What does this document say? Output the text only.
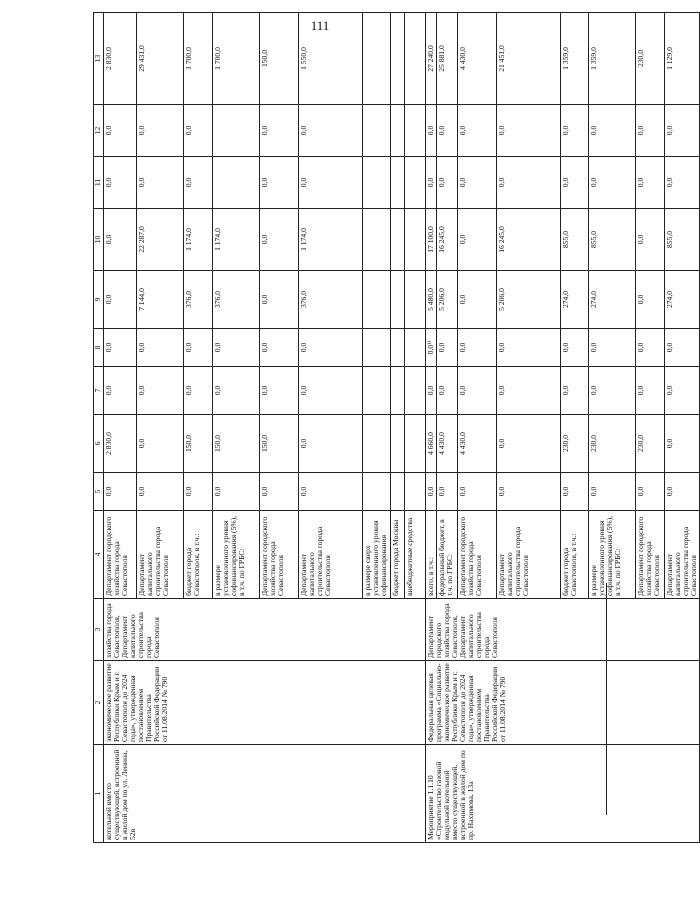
111
1	2	3	4	5	6	7	8	9	10	11	12	13
котельной вместо существующей, встроенной в жилой дом по ул. Ленина, 52в	экономическое развитие Республики Крым и г. Севастополя до 2024 года», утвержденная постановлением Правительства Российской Федерации от 11.08.2014 № 790	хозяйства города Севастополя, Департамент капитального строительства города Севастополя	Департамент городского хозяйства города Севастополя	0,0	2 830,0	0,0	0,0	0,0	0,0	0,0	0,0	2 830,0
			Департамент капитального строительства города Севастополя	0,0	0,0	0,0	0,0	7 144,0	22 287,0	0,0	0,0	29 431,0
			бюджет города Севастополя, в т.ч.:	0,0	150,0	0,0	0,0	376,0	1 174,0	0,0	0,0	1 700,0
			в размере установленного уровня софинансирования (5%), в т.ч. по ГРБС:	0,0	150,0	0,0	0,0	376,0	1 174,0			1 700,0
			Департамент городского хозяйства города Севастополя	0,0	150,0	0,0	0,0	0,0	0,0	0,0	0,0	150,0
			Департамент капитального строительства города Севастополя	0,0	0,0	0,0	0,0	376,0	1 174,0	0,0	0,0	1 550,0
			в размере сверх установленного уровня софинансирования									
			бюджет города Москвы									
			внебюджетные средства									
Мероприятие 1.1.10 «Строительство газовой модульной котельной вместо существующей, встроенной в жилой дом по пр. Нахимова, 13а	Федеральная целевая программа «Социально-экономическое развитие Республики Крым и г. Севастополя до 2024 года», утвержденная постановлением Правительства Российской Федерации от 11.08.2014 № 790	Департамент городского хозяйства города Севастополя, Департамент капитального строительства города Севастополя	всего, в т.ч.:	0,0	4 660,0	0,0	0,0¹⁾	5 480,0	17 100,0	0,0	0,0	27 240,0
			федеральный бюджет, в т.ч. по ГРБС:	0,0	4 430,0	0,0	0,0	5 206,0	16 245,0	0,0	0,0	25 881,0
			Департамент городского хозяйства города Севастополя	0,0	4 430,0	0,0	0,0	0,0	0,0	0,0	0,0	4 430,0
			Департамент капитального строительства города Севастополя	0,0	0,0	0,0	0,0	5 206,0	16 245,0	0,0	0,0	21 451,0
			бюджет города Севастополя, в т.ч.:	0,0	230,0	0,0	0,0	274,0	855,0	0,0	0,0	1 359,0
			в размере установленного уровня софинансирования (5%), в т.ч. по ГРБС:	0,0	230,0	0,0	0,0	274,0	855,0	0,0	0,0	1 359,0
			Департамент городского хозяйства города Севастополя	0,0	230,0	0,0	0,0	0,0	0,0	0,0	0,0	230,0
			Департамент капитального строительства города Севастополя	0,0	0,0	0,0	0,0	274,0	855,0	0,0	0,0	1 129,0
